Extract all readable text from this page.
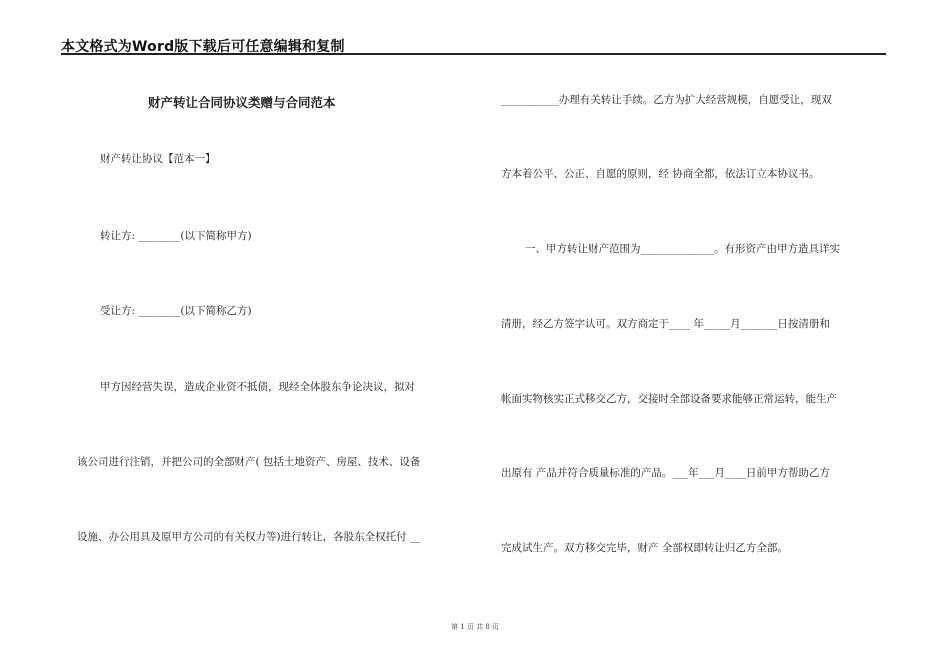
本文格式为Word版下载后可任意编辑和复制
财产转让合同协议类赠与合同范本
财产转让协议【范本一】
转让方: ________(以下简称甲方)
受让方: ________(以下简称乙方)
甲方因经营失误，造成企业资不抵债，现经全体股东争论决议，拟对
该公司进行注销，并把公司的全部财产( 包括土地资产、房屋、技术、设备
设施、办公用具及原甲方公司的有关权力等)进行转让，各股东全权托付 __
___________办理有关转让手续。乙方为扩大经营规模，自愿受让，现双
方本着公平、公正、自愿的原则，经 协商全都，依法订立本协议书。
一、甲方转让财产范围为______________。有形资产由甲方造具详实
清册，经乙方签字认可。双方商定于____ 年_____月_______日按清册和
帐面实物核实正式移交乙方，交接时全部设备要求能够正常运转，能生产
出原有 产品并符合质量标准的产品。___年___月____日前甲方帮助乙方
完成试生产。双方移交完毕，财产 全部权即转让归乙方全部。
第 1 页 共 8 页
